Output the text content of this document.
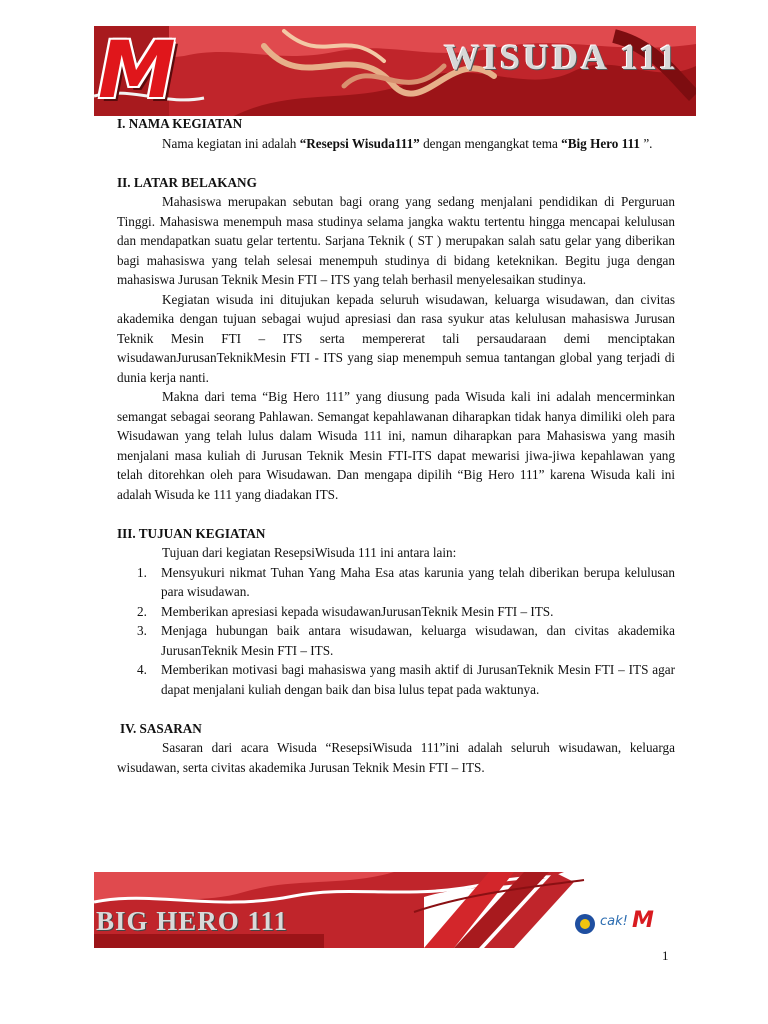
M	WISUDA 111

I. NAMA KEGIATAN

Nama kegiatan ini adalah “Resepsi Wisuda111” dengan mengangkat tema “Big Hero 111 ”.

II. LATAR BELAKANG

Mahasiswa merupakan sebutan bagi orang yang sedang menjalani pendidikan di Perguruan Tinggi. Mahasiswa menempuh masa studinya selama jangka waktu tertentu hingga mencapai kelulusan dan mendapatkan suatu gelar tertentu. Sarjana Teknik ( ST ) merupakan salah satu gelar yang diberikan bagi mahasiswa yang telah selesai menempuh studinya di bidang keteknikan. Begitu juga dengan mahasiswa Jurusan Teknik Mesin FTI – ITS yang telah berhasil menyelesaikan studinya.

Kegiatan wisuda ini ditujukan kepada seluruh wisudawan, keluarga wisudawan, dan civitas akademika dengan tujuan sebagai wujud apresiasi dan rasa syukur atas kelulusan mahasiswa Jurusan Teknik Mesin FTI – ITS serta mempererat tali persaudaraan demi menciptakan wisudawanJurusanTeknikMesin FTI - ITS yang siap menempuh semua tantangan global yang terjadi di dunia kerja nanti.

Makna dari tema “Big Hero 111” yang diusung pada Wisuda kali ini adalah mencerminkan semangat sebagai seorang Pahlawan. Semangat kepahlawanan diharapkan tidak hanya dimiliki oleh para Wisudawan yang telah lulus dalam Wisuda 111 ini, namun diharapkan para Mahasiswa yang masih menjalani masa kuliah di Jurusan Teknik Mesin FTI-ITS dapat mewarisi jiwa-jiwa kepahlawan yang telah ditorehkan oleh para Wisudawan. Dan mengapa dipilih “Big Hero 111” karena Wisuda kali ini adalah Wisuda ke 111 yang diadakan ITS.

III. TUJUAN KEGIATAN

Tujuan dari kegiatan ResepsiWisuda 111 ini antara lain:

1. Mensyukuri nikmat Tuhan Yang Maha Esa atas karunia yang telah diberikan berupa kelulusan para wisudawan.
2. Memberikan apresiasi kepada wisudawanJurusanTeknik Mesin FTI – ITS.
3. Menjaga hubungan baik antara wisudawan, keluarga wisudawan, dan civitas akademika JurusanTeknik Mesin FTI – ITS.
4. Memberikan motivasi bagi mahasiswa yang masih aktif di JurusanTeknik Mesin FTI – ITS agar dapat menjalani kuliah dengan baik dan bisa lulus tepat pada waktunya.

IV. SASARAN

Sasaran dari acara Wisuda “ResepsiWisuda 111”ini adalah seluruh wisudawan, keluarga wisudawan, serta civitas akademika Jurusan Teknik Mesin FTI – ITS.

BIG HERO 111	cak! M
1
